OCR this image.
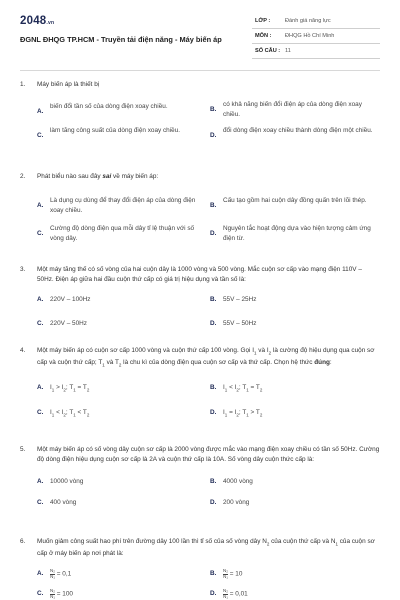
2048.vn
ĐGNL ĐHQG TP.HCM - Truyền tải điện năng - Máy biến áp
LỚP :	Đánh giá năng lực
MÔN :	ĐHQG Hồ Chí Minh
SỐ CÂU : 11
1.	Máy biến áp là thiết bị
A.
biến đổi tần số của dòng điện xoay chiều.	B.
có khả năng biến đổi điện áp của dòng điện xoay chiều.
C.
làm tăng công suất của dòng điện xoay chiều.
D.
đổi dòng điện xoay chiều thành dòng điện một chiều.
2.	Phát biểu nào sau đây sai về máy biến áp:
A.
Là dụng cụ dùng để thay đổi điện áp của dòng điện xoay chiều.
B.
Cấu tạo gồm hai cuộn dây đồng quấn trên lõi thép.
C.
Cường độ dòng điện qua mỗi dây tỉ lệ thuận với số vòng dây.
D.
Nguyên tắc hoạt động dựa vào hiện tượng cảm ứng điện từ.
3.	Một máy tăng thế có số vòng của hai cuộn dây là 1000 vòng và 500 vòng. Mắc cuộn sơ cấp vào mạng điện 110V – 50Hz. Điện áp giữa hai đầu cuộn thứ cấp có giá trị hiệu dụng và tần số là:
A.	220V – 100Hz	B.	55V – 25Hz
C.	220V – 50Hz	D.	55V – 50Hz
4.	Một máy biến áp có cuộn sơ cấp 1000 vòng và cuộn thứ cấp 100 vòng. Gọi $I_1$ và $I_2$ là cường độ hiệu dụng qua cuộn sơ cấp và cuộn thứ cấp; $T_1$ và $T_2$ là chu kì của dòng điện qua cuộn sơ cấp và thứ cấp. Chọn hệ thức đúng:
A.	$I_1 > I_2$; $T_1 = T_2$	B.	$I_1 < I_2$; $T_1 = T_2$
C.	$I_1 < I_2$; $T_1 < T_2$	D.	$I_1 = I_2$; $T_1 > T_2$
5.	Một máy biến áp có số vòng dây cuộn sơ cấp là 2000 vòng được mắc vào mạng điện xoay chiều có tần số 50Hz. Cường độ dòng điện hiệu dụng cuộn sơ cấp là 2A và cuộn thứ cấp là 10A. Số vòng dây cuộn thức cấp là:
A.	10000 vòng	B.	4000 vòng
C.	400 vòng	D.	200 vòng
6.	Muốn giảm công suất hao phí trên đường dây 100 lần thì tỉ số của số vòng dây $N_2$ của cuộn thứ cấp và $N_1$ của cuộn sơ cấp ở máy biến áp nơi phát là:
A.	$\frac{\text{N₂}}{\text{N₁}} = 0,1$	B.	$\frac{\text{N₂}}{\text{N₁}} = 10$
C.	$\frac{\text{N₂}}{\text{N₁}} = 100$	D.	$\frac{\text{N₂}}{\text{N₁}} = 0,01$
